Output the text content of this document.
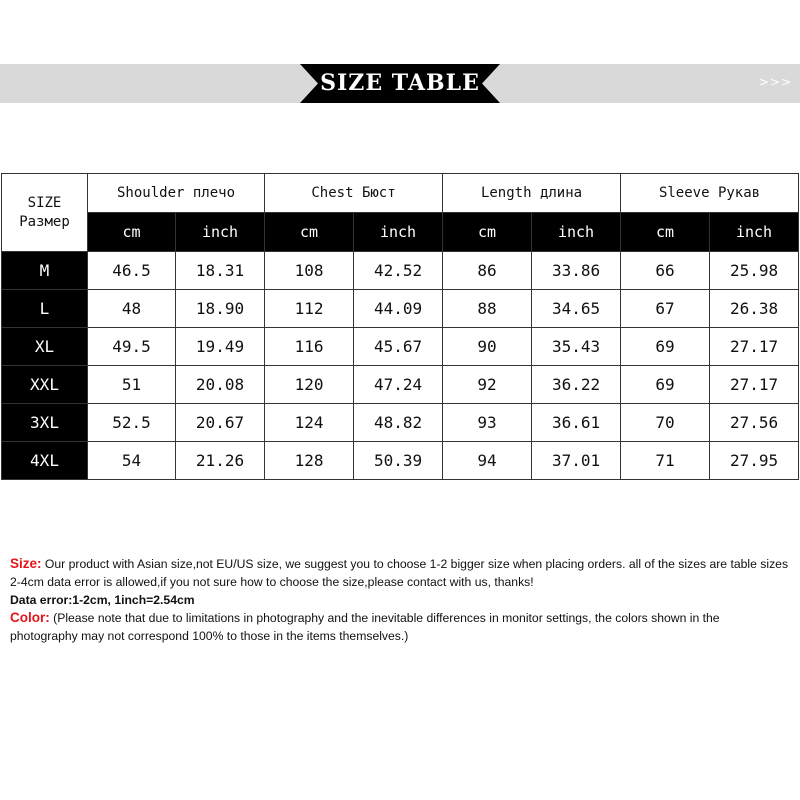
>>>
SIZE TABLE
SIZE
Размер	Shoulder плечо		Chest Бюст		Length длина		Sleeve Рукав	
	cm	inch	cm	inch	cm	inch	cm	inch
M	46.5	18.31	108	42.52	86	33.86	66	25.98
L	48	18.90	112	44.09	88	34.65	67	26.38
XL	49.5	19.49	116	45.67	90	35.43	69	27.17
XXL	51	20.08	120	47.24	92	36.22	69	27.17
3XL	52.5	20.67	124	48.82	93	36.61	70	27.56
4XL	54	21.26	128	50.39	94	37.01	71	27.95

Size: Our product with Asian size,not EU/US size, we suggest you to choose 1-2 bigger size when placing orders. all of the sizes are table sizes 2-4cm data error is allowed,if you not sure how to choose the size,please contact with us, thanks!

Data error:1-2cm, 1inch=2.54cm

Color: (Please note that due to limitations in photography and the inevitable differences in monitor settings, the colors shown in the photography may not correspond 100% to those in the items themselves.)
